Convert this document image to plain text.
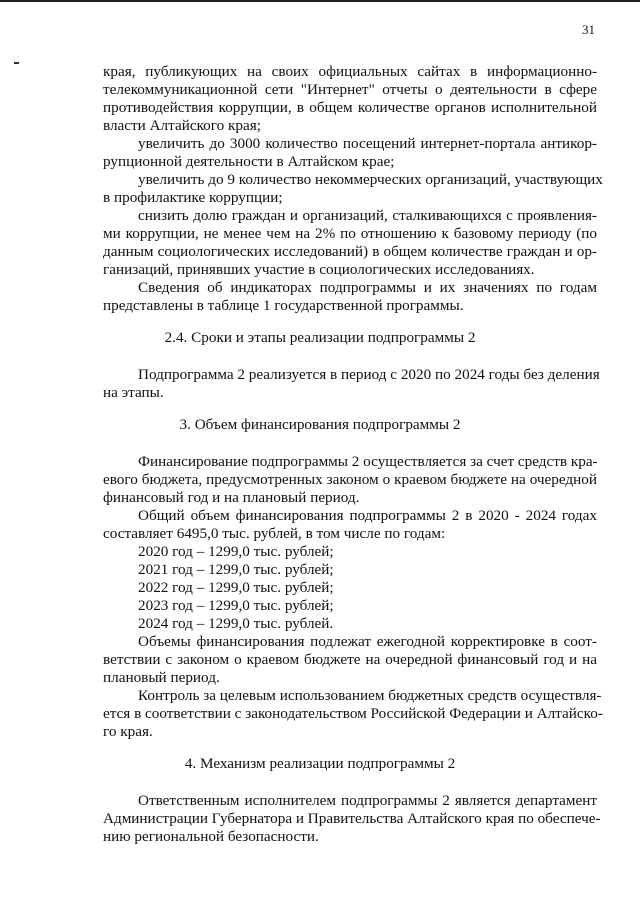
31
края, публикующих на своих официальных сайтах в информационно-
телекоммуникационной сети "Интернет" отчеты о деятельности в сфере
противодействия коррупции, в общем количестве органов исполнительной
власти Алтайского края;
увеличить до 3000 количество посещений интернет-портала антикор-
рупционной деятельности в Алтайском крае;
увеличить до 9 количество некоммерческих организаций, участвующих
в профилактике коррупции;
снизить долю граждан и организаций, сталкивающихся с проявления-
ми коррупции, не менее чем на 2% по отношению к базовому периоду (по
данным социологических исследований) в общем количестве граждан и ор-
ганизаций, принявших участие в социологических исследованиях.
Сведения об индикаторах подпрограммы и их значениях по годам
представлены в таблице 1 государственной программы.
2.4. Сроки и этапы реализации подпрограммы 2
Подпрограмма 2 реализуется в период с 2020 по 2024 годы без деления
на этапы.
3. Объем финансирования подпрограммы 2
Финансирование подпрограммы 2 осуществляется за счет средств кра-
евого бюджета, предусмотренных законом о краевом бюджете на очередной
финансовый год и на плановый период.
Общий объем финансирования подпрограммы 2 в 2020 - 2024 годах
составляет 6495,0 тыс. рублей, в том числе по годам:
2020 год – 1299,0 тыс. рублей;
2021 год – 1299,0 тыс. рублей;
2022 год – 1299,0 тыс. рублей;
2023 год – 1299,0 тыс. рублей;
2024 год – 1299,0 тыс. рублей.
Объемы финансирования подлежат ежегодной корректировке в соот-
ветствии с законом о краевом бюджете на очередной финансовый год и на
плановый период.
Контроль за целевым использованием бюджетных средств осуществля-
ется в соответствии с законодательством Российской Федерации и Алтайско-
го края.
4. Механизм реализации подпрограммы 2
Ответственным исполнителем подпрограммы 2 является департамент
Администрации Губернатора и Правительства Алтайского края по обеспече-
нию региональной безопасности.
